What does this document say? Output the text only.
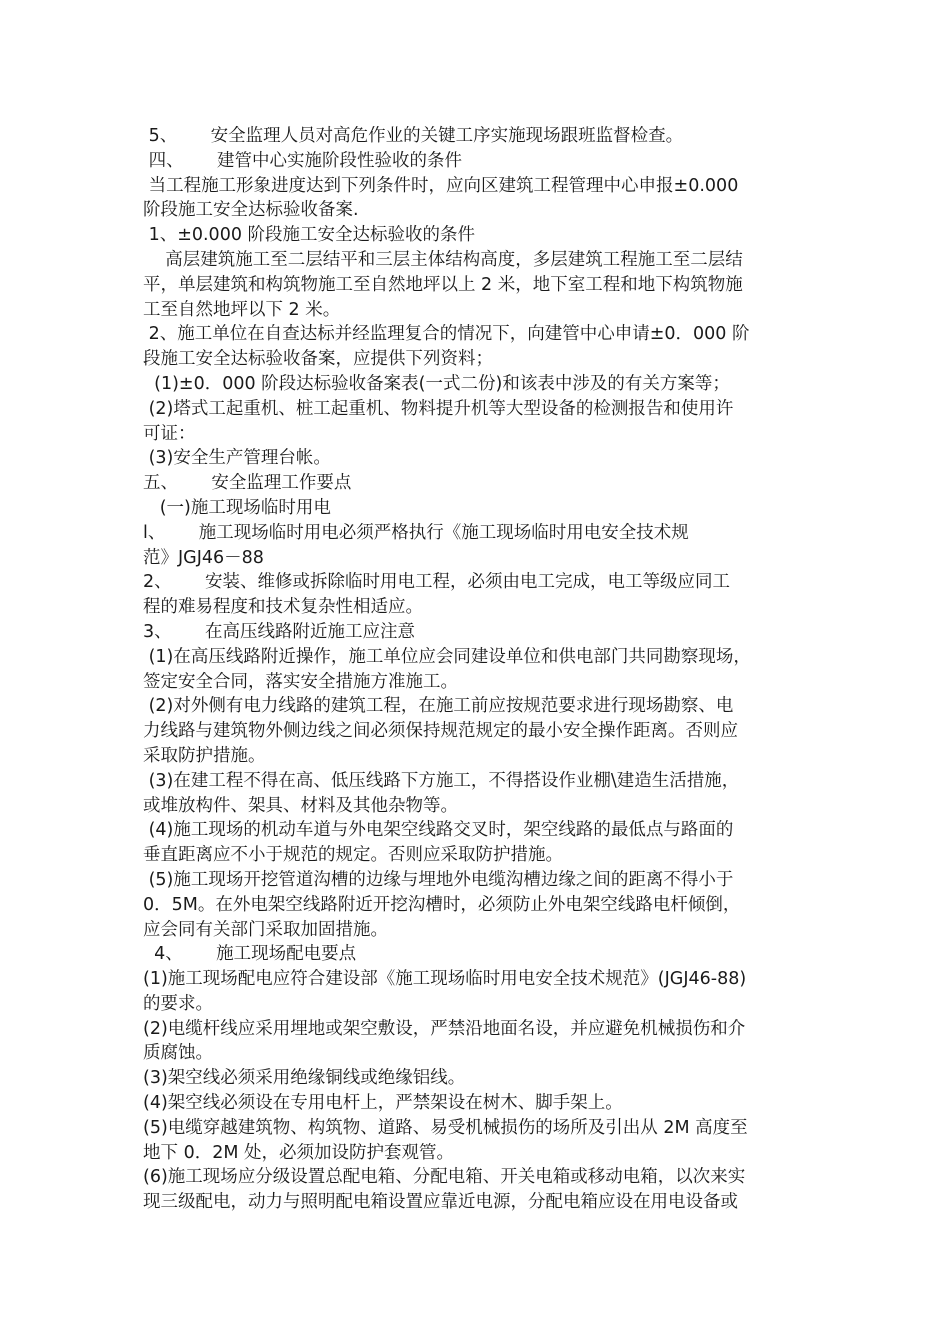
5、      安全监理人员对高危作业的关键工序实施现场跟班监督检查。
四、      建管中心实施阶段性验收的条件
当工程施工形象进度达到下列条件时，应向区建筑工程管理中心申报±0.000
阶段施工安全达标验收备案.
1、±0.000 阶段施工安全达标验收的条件
高层建筑施工至二层结平和三层主体结构高度，多层建筑工程施工至二层结
平，单层建筑和构筑物施工至自然地坪以上 2 米，地下室工程和地下构筑物施
工至自然地坪以下 2 米。
2、施工单位在自查达标并经监理复合的情况下，向建管中心申请±0．000 阶
段施工安全达标验收备案，应提供下列资料；
(1)±0．000 阶段达标验收备案表(一式二份)和该表中涉及的有关方案等；
(2)塔式工起重机、桩工起重机、物料提升机等大型设备的检测报告和使用许
可证：
(3)安全生产管理台帐。
五、      安全监理工作要点
(一)施工现场临时用电
l、      施工现场临时用电必须严格执行《施工现场临时用电安全技术规
范》JGJ46－88
2、      安装、维修或拆除临时用电工程，必须由电工完成，电工等级应同工
程的难易程度和技术复杂性相适应。
3、      在高压线路附近施工应注意
(1)在高压线路附近操作，施工单位应会同建设单位和供电部门共同勘察现场，
签定安全合同，落实安全措施方准施工。
(2)对外侧有电力线路的建筑工程，在施工前应按规范要求进行现场勘察、电
力线路与建筑物外侧边线之间必须保持规范规定的最小安全操作距离。否则应
采取防护措施。
(3)在建工程不得在高、低压线路下方施工，不得搭设作业棚\建造生活措施，
或堆放构件、架具、材料及其他杂物等。
(4)施工现场的机动车道与外电架空线路交叉时，架空线路的最低点与路面的
垂直距离应不小于规范的规定。否则应采取防护措施。
(5)施工现场开挖管道沟槽的边缘与埋地外电缆沟槽边缘之间的距离不得小于
0．5M。在外电架空线路附近开挖沟槽时，必须防止外电架空线路电杆倾倒，
应会同有关部门采取加固措施。
4、      施工现场配电要点
(1)施工现场配电应符合建设部《施工现场临时用电安全技术规范》(JGJ46-88)
的要求。
(2)电缆杆线应采用埋地或架空敷设，严禁沿地面名设，并应避免机械损伤和介
质腐蚀。
(3)架空线必须采用绝缘铜线或绝缘铝线。
(4)架空线必须设在专用电杆上，严禁架设在树木、脚手架上。
(5)电缆穿越建筑物、构筑物、道路、易受机械损伤的场所及引出从 2M 高度至
地下 0．2M 处，必须加设防护套观管。
(6)施工现场应分级设置总配电箱、分配电箱、开关电箱或移动电箱，以次来实
现三级配电，动力与照明配电箱设置应靠近电源，分配电箱应设在用电设备或
